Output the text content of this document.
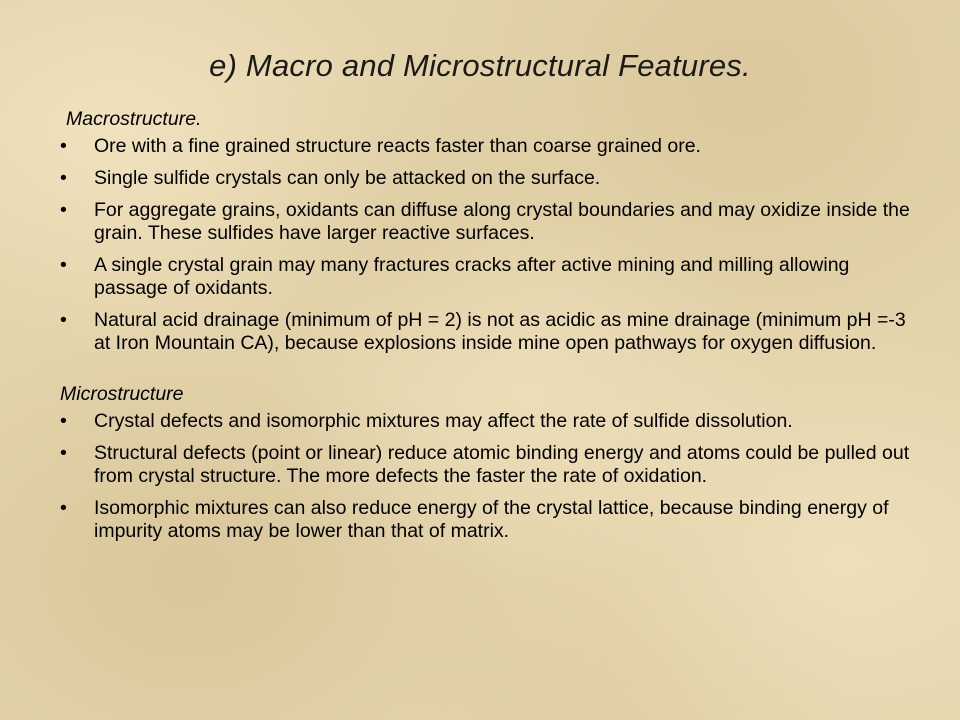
e) Macro and Microstructural Features.
Macrostructure.
• Ore with a fine grained structure reacts faster than coarse grained ore.
• Single sulfide crystals can only be attacked on the surface.
• For aggregate grains, oxidants can diffuse along crystal boundaries and may oxidize inside the grain. These sulfides have larger reactive surfaces.
• A single crystal grain may many fractures cracks after active mining and milling allowing passage of oxidants.
• Natural acid drainage (minimum of pH = 2) is not as acidic as mine drainage (minimum pH =-3 at Iron Mountain CA), because explosions inside mine open pathways for oxygen diffusion.
Microstructure
• Crystal defects and isomorphic mixtures may affect the rate of sulfide dissolution.
• Structural defects (point or linear) reduce atomic binding energy and atoms could be pulled out from crystal structure. The more defects the faster the rate of oxidation.
• Isomorphic mixtures can also reduce energy of the crystal lattice, because binding energy of impurity atoms may be lower than that of matrix.
